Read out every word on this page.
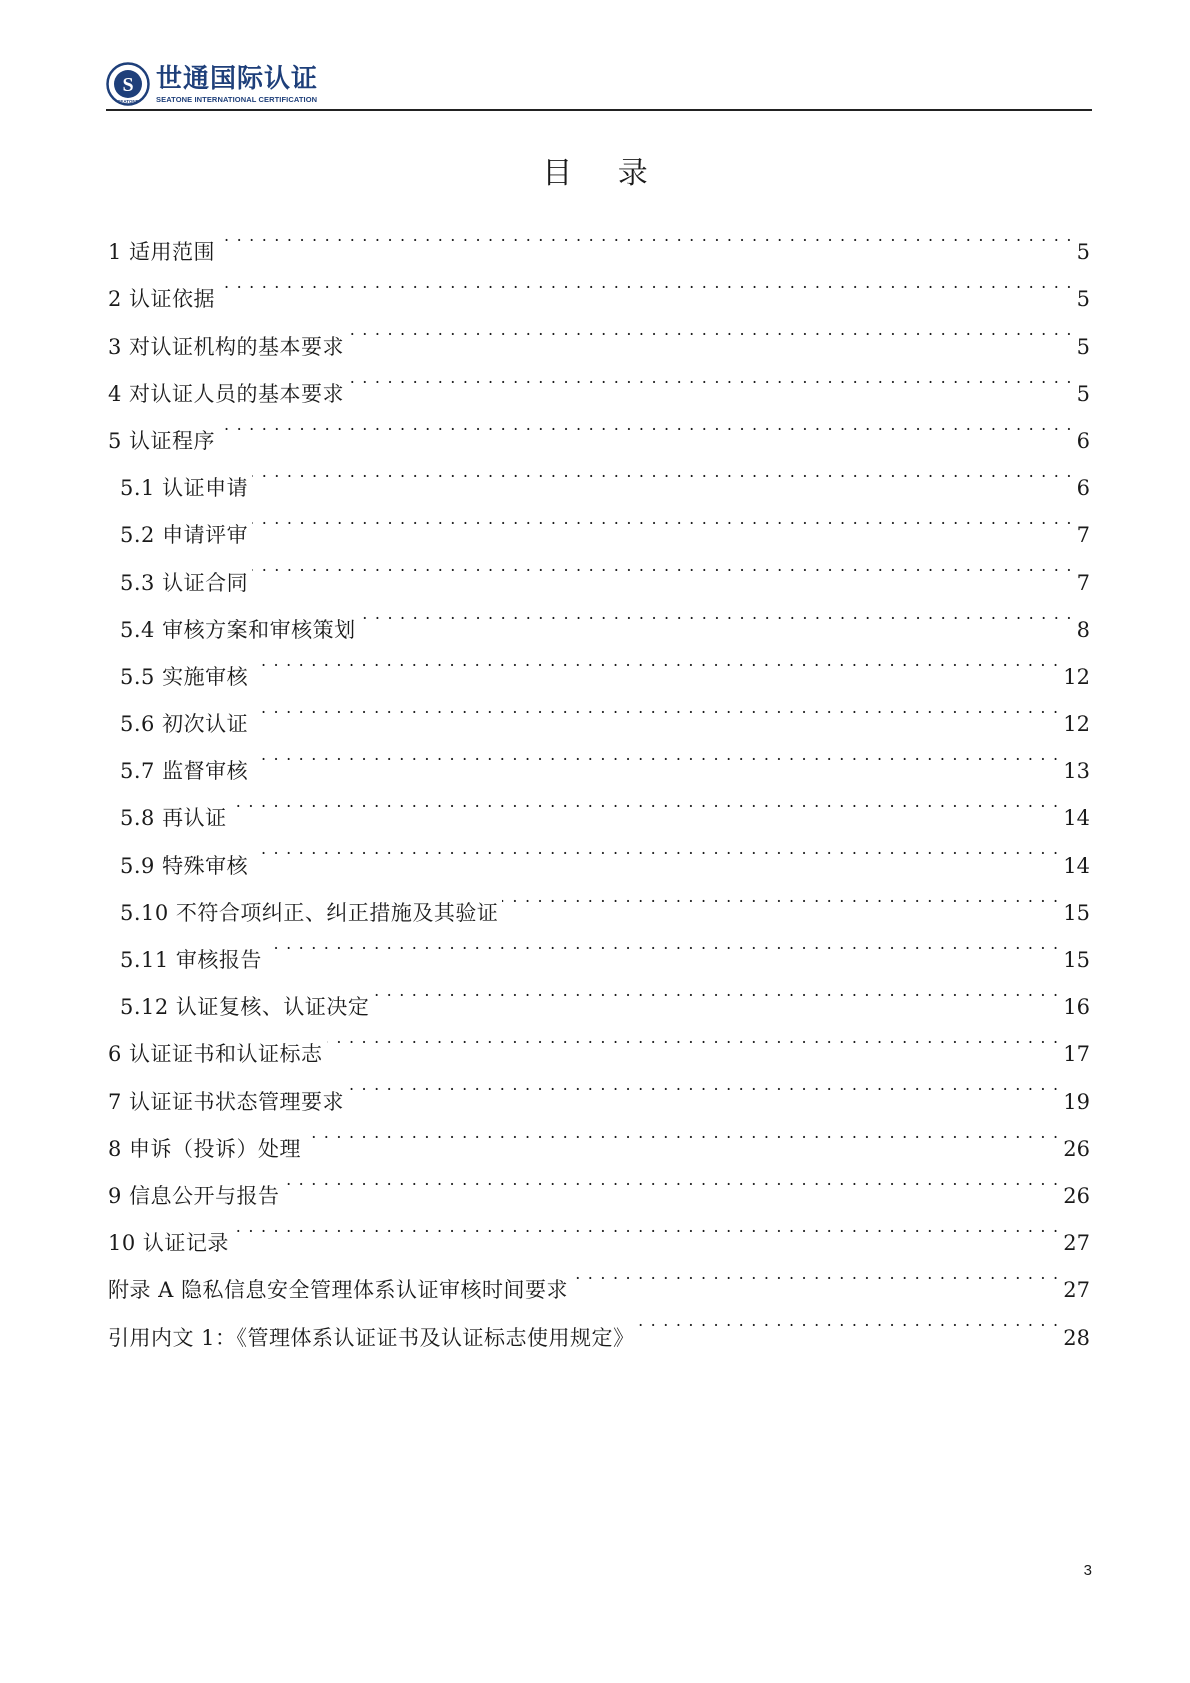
S
SEATONE
世通国际认证
SEATONE INTERNATIONAL CERTIFICATION
目 录
1 适用范围 . . .	5
2 认证依据 . . .	5
3 对认证机构的基本要求 . . .	5
4 对认证人员的基本要求 . . .	5
5 认证程序 . . .	6
5.1 认证申请 . . .	6
5.2 申请评审 . . .	7
5.3 认证合同 . . .	7
5.4 审核方案和审核策划 . . .	8
5.5 实施审核 . . .	12
5.6 初次认证 . . .	12
5.7 监督审核 . . .	13
5.8 再认证 . . .	14
5.9 特殊审核 . . .	14
5.10 不符合项纠正、纠正措施及其验证 . . .	15
5.11 审核报告 . . .	15
5.12 认证复核、认证决定 . . .	16
6 认证证书和认证标志 . . .	17
7 认证证书状态管理要求 . . .	19
8 申诉（投诉）处理 . . .	26
9 信息公开与报告 . . .	26
10 认证记录 . . .	27
附录 A 隐私信息安全管理体系认证审核时间要求 . . .	27
引用内文 1：《管理体系认证证书及认证标志使用规定》 . . .	28
3
